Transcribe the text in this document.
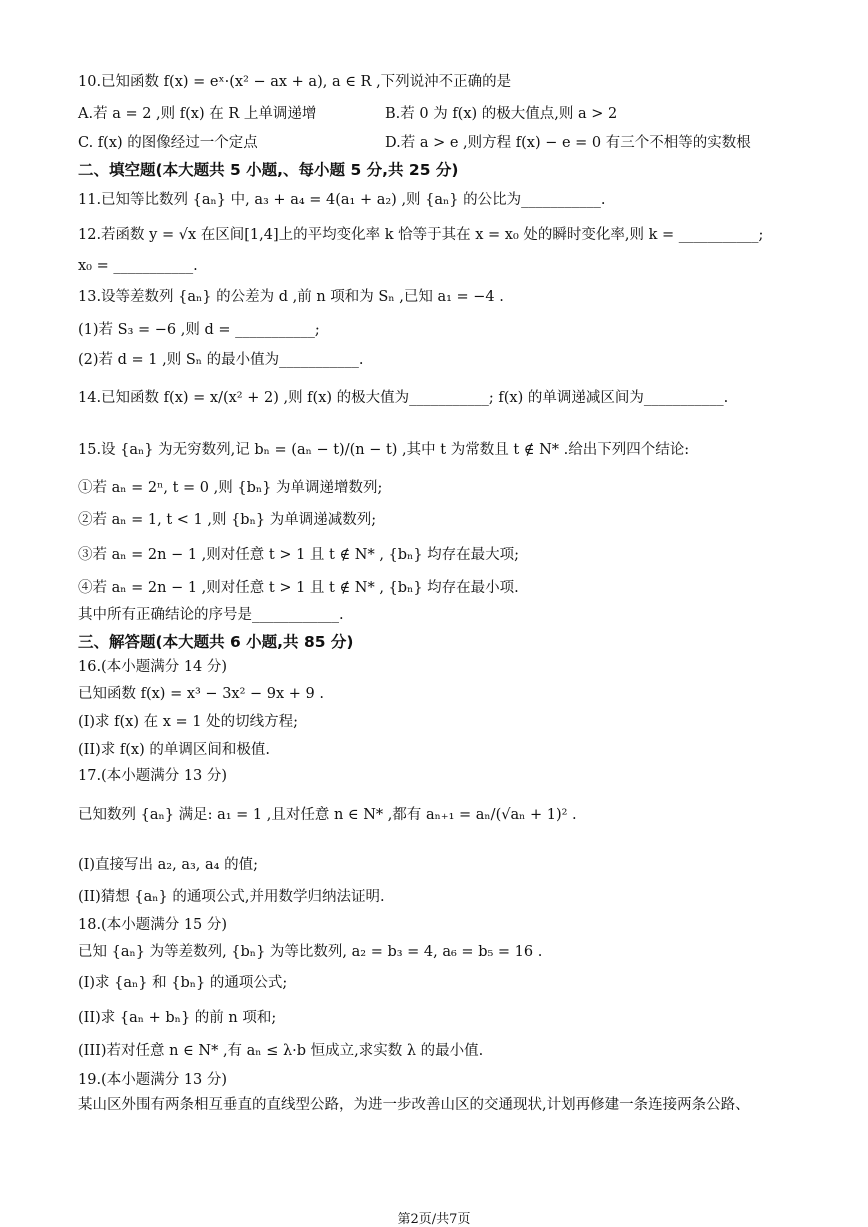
10.已知函数 f(x) = eˣ·(x² − ax + a), a ∈ R ,下列说沖不正确的是
A.若 a = 2 ,则 f(x) 在 R 上单调递增	B.若 0 为 f(x) 的极大值点,则 a > 2
C. f(x) 的图像经过一个定点	D.若 a > e ,则方程 f(x) − e = 0 有三个不相等的实数根
二、填空题(本大题共 5 小题,、每小题 5 分,共 25 分)
11.已知等比数列 {aₙ} 中, a₃ + a₄ = 4(a₁ + a₂) ,则 {aₙ} 的公比为___________.
12.若函数 y = √x 在区间[1,4]上的平均变化率 k 恰等于其在 x = x₀ 处的瞬时变化率,则 k = ___________;
x₀ = ___________.
13.设等差数列 {aₙ} 的公差为 d ,前 n 项和为 Sₙ ,已知 a₁ = −4 .
(1)若 S₃ = −6 ,则 d = ___________;
(2)若 d = 1 ,则 Sₙ 的最小值为___________.
14.已知函数 f(x) = x/(x² + 2) ,则 f(x) 的极大值为___________; f(x) 的单调递减区间为___________.
15.设 {aₙ} 为无穷数列,记 bₙ = (aₙ − t)/(n − t) ,其中 t 为常数且 t ∉ N* .给出下列四个结论:
①若 aₙ = 2ⁿ, t = 0 ,则 {bₙ} 为单调递增数列;
②若 aₙ = 1, t < 1 ,则 {bₙ} 为单调递减数列;
③若 aₙ = 2n − 1 ,则对任意 t > 1 且 t ∉ N* , {bₙ} 均存在最大项;
④若 aₙ = 2n − 1 ,则对任意 t > 1 且 t ∉ N* , {bₙ} 均存在最小项.
其中所有正确结论的序号是____________.
三、解答题(本大题共 6 小题,共 85 分)
16.(本小题满分 14 分)
已知函数 f(x) = x³ − 3x² − 9x + 9 .
(I)求 f(x) 在 x = 1 处的切线方程;
(II)求 f(x) 的单调区间和极值.
17.(本小题满分 13 分)
已知数列 {aₙ} 满足: a₁ = 1 ,且对任意 n ∈ N* ,都有 aₙ₊₁ = aₙ/(√aₙ + 1)² .
(I)直接写出 a₂, a₃, a₄ 的值;
(II)猜想 {aₙ} 的通项公式,并用数学归纳法证明.
18.(本小题满分 15 分)
已知 {aₙ} 为等差数列, {bₙ} 为等比数列, a₂ = b₃ = 4, a₆ = b₅ = 16 .
(I)求 {aₙ} 和 {bₙ} 的通项公式;
(II)求 {aₙ + bₙ} 的前 n 项和;
(III)若对任意 n ∈ N* ,有 aₙ ≤ λ·b 恒成立,求实数 λ 的最小值.
19.(本小题满分 13 分)
某山区外围有两条相互垂直的直线型公路，为进一步改善山区的交通现状,计划再修建一条连接两条公路、
第2页/共7页
